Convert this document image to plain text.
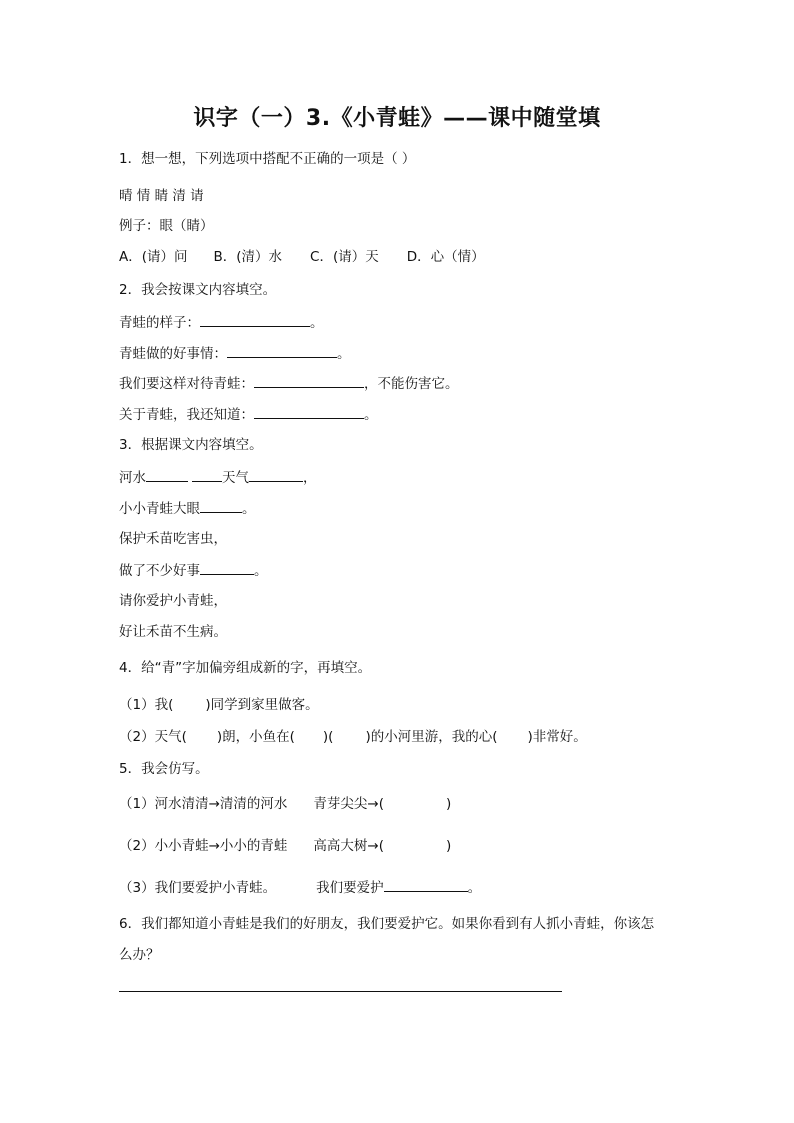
识字（一）3.《小青蛙》——课中随堂填
1．想一想，下列选项中搭配不正确的一项是（ ）
晴 情 睛 清 请
例子：眼（睛）
A．(请）问 B．(清）水 C．(请）天 D．心（情）
2．我会按课文内容填空。
青蛙的样子：	。
青蛙做的好事情：	。
我们要这样对待青蛙：	，不能伤害它。
关于青蛙，我还知道：	。
3．根据课文内容填空。
河水	天气	，
小小青蛙大眼	。
保护禾苗吃害虫，
做了不少好事	。
请你爱护小青蛙，
好让禾苗不生病。
4．给“青”字加偏旁组成新的字，再填空。
（1）我( )同学到家里做客。
（2）天气( )朗，小鱼在( )( )的小河里游，我的心( )非常好。
5．我会仿写。
（1）河水清清→清清的河水 青芽尖尖→(	)
（2）小小青蛙→小小的青蛙 高高大树→(	)
（3）我们要爱护小青蛙。	我们要爱护	。
6．我们都知道小青蛙是我们的好朋友，我们要爱护它。如果你看到有人抓小青蛙，你该怎
么办？
